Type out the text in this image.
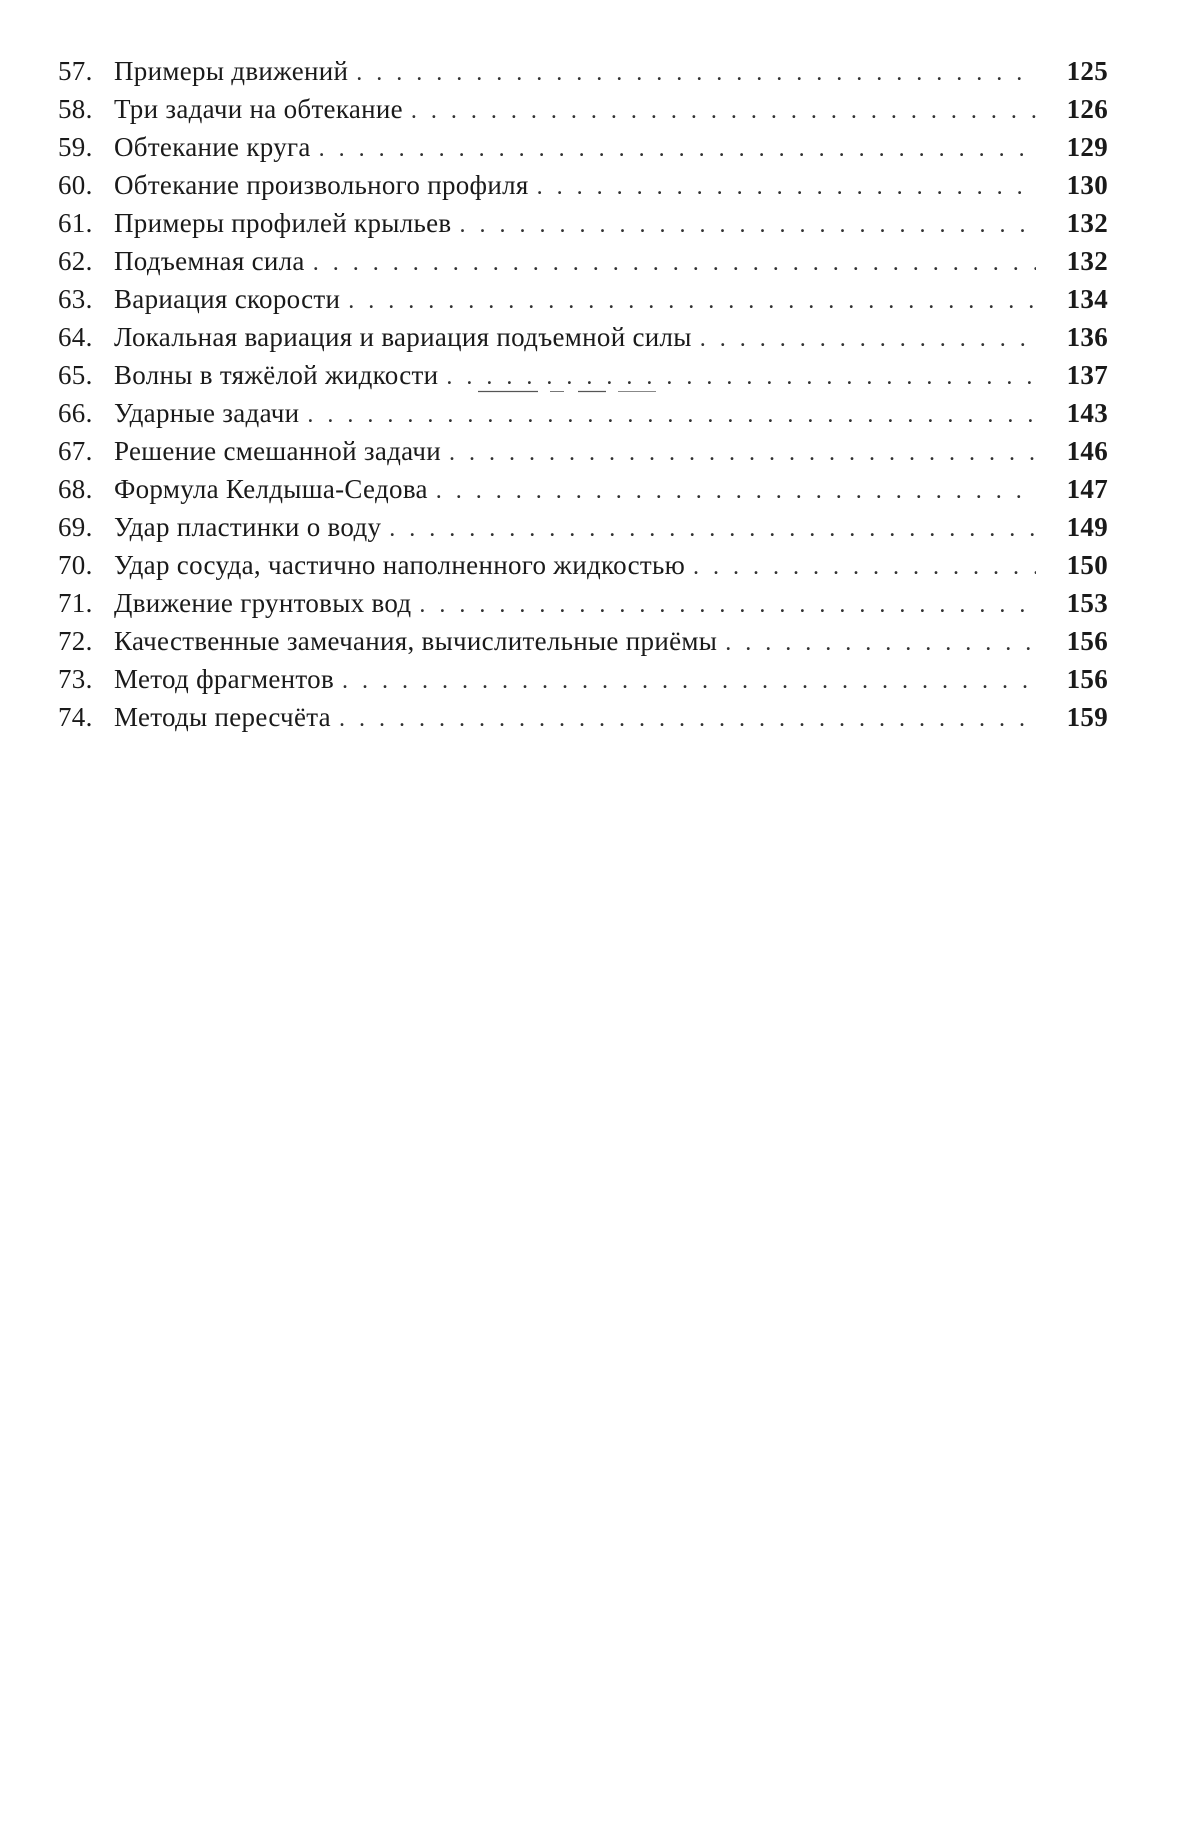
57. Примеры движений . . .	125
58. Три задачи на обтекание . . .	126
59. Обтекание круга . . .	129
60. Обтекание произвольного профиля . . .	130
61. Примеры профилей крыльев . . .	132
62. Подъемная сила . . .	132
63. Вариация скорости . . .	134
64. Локальная вариация и вариация подъемной силы . . .	136
65. Волны в тяжёлой жидкости . . .	137
66. Ударные задачи . . .	143
67. Решение смешанной задачи . . .	146
68. Формула Келдыша-Седова . . .	147
69. Удар пластинки о воду . . .	149
70. Удар сосуда, частично наполненного жидкостью . . .	150
71. Движение грунтовых вод . . .	153
72. Качественные замечания, вычислительные приёмы . . .	156
73. Метод фрагментов . . .	156
74. Методы пересчёта . . .	159
